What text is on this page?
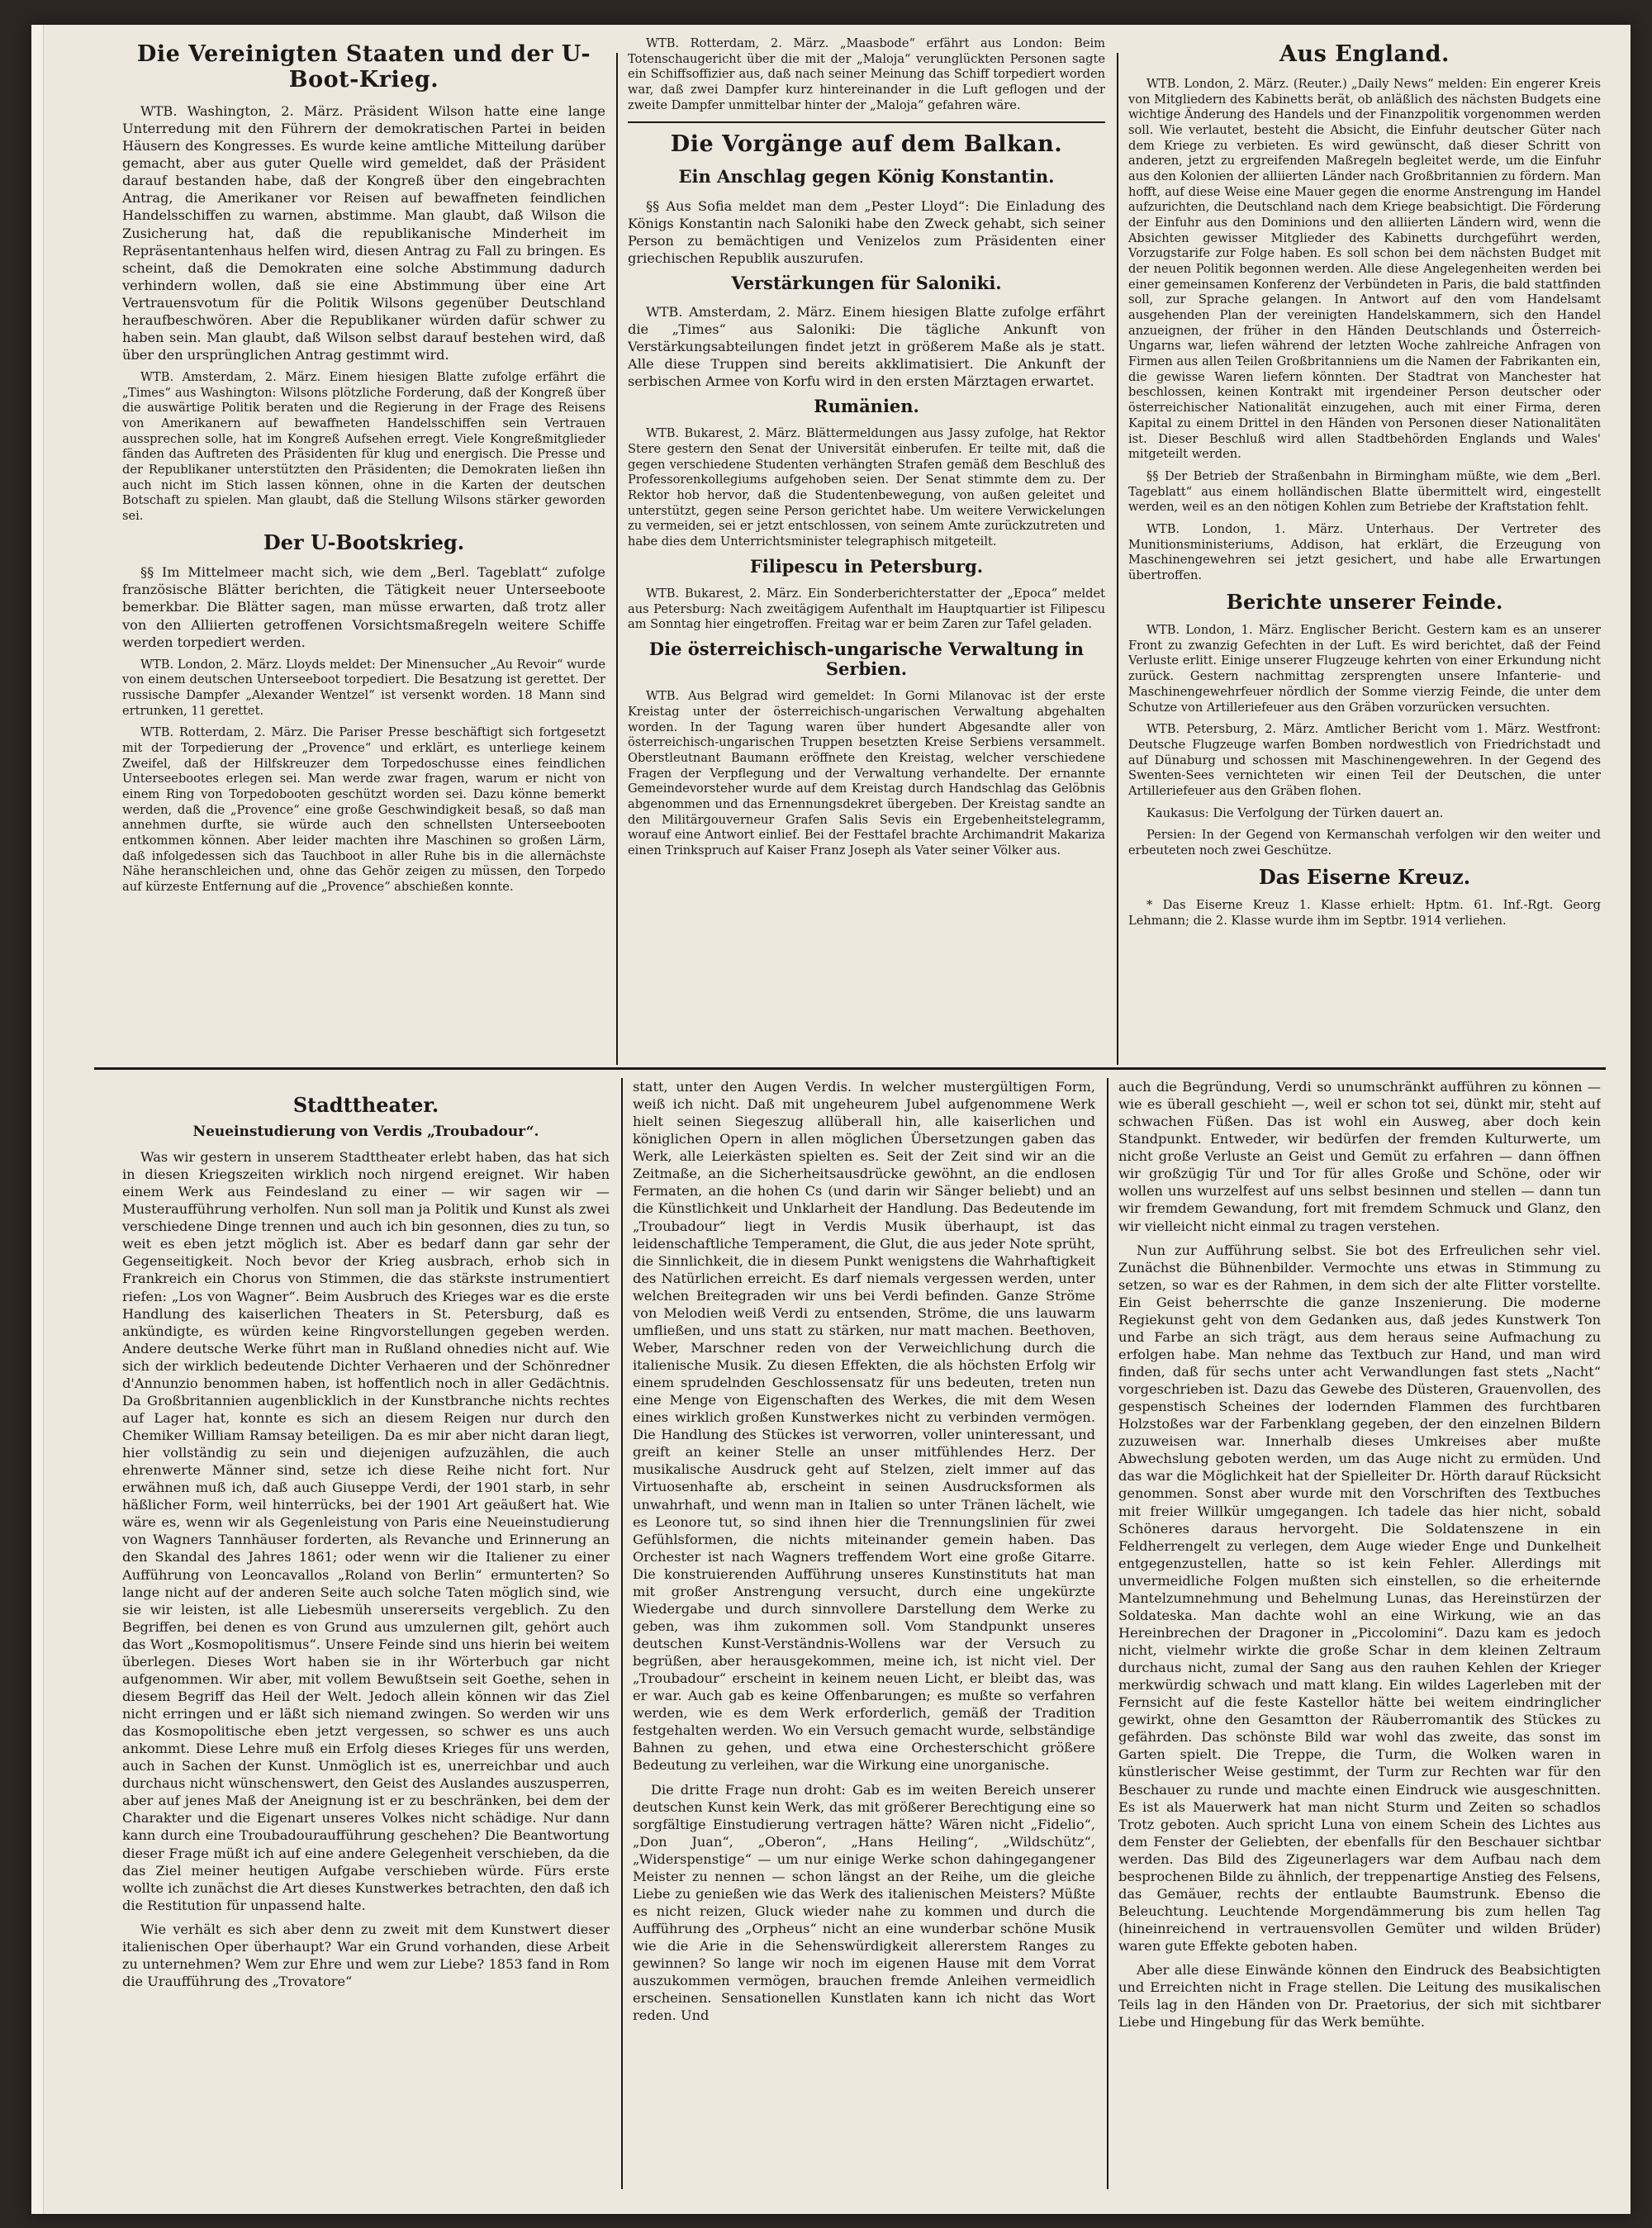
Die Vereinigten Staaten und der U-Boot-Krieg.

WTB. Washington, 2. März. Präsident Wilson hatte eine lange Unterredung mit den Führern der demokratischen Partei in beiden Häusern des Kongresses. Es wurde keine amtliche Mitteilung darüber gemacht, aber aus guter Quelle wird gemeldet, daß der Präsident darauf bestanden habe, daß der Kongreß über den eingebrachten Antrag, die Amerikaner vor Reisen auf bewaffneten feindlichen Handelsschiffen zu warnen, abstimme. Man glaubt, daß Wilson die Zusicherung hat, daß die republikanische Minderheit im Repräsentantenhaus helfen wird, diesen Antrag zu Fall zu bringen. Es scheint, daß die Demokraten eine solche Abstimmung dadurch verhindern wollen, daß sie eine Abstimmung über eine Art Vertrauensvotum für die Politik Wilsons gegenüber Deutschland heraufbeschwören. Aber die Republikaner würden dafür schwer zu haben sein. Man glaubt, daß Wilson selbst darauf bestehen wird, daß über den ursprünglichen Antrag gestimmt wird.

WTB. Amsterdam, 2. März. Einem hiesigen Blatte zufolge erfährt die „Times“ aus Washington: Wilsons plötzliche Forderung, daß der Kongreß über die auswärtige Politik beraten und die Regierung in der Frage des Reisens von Amerikanern auf bewaffneten Handelsschiffen sein Vertrauen aussprechen solle, hat im Kongreß Aufsehen erregt. Viele Kongreßmitglieder fänden das Auftreten des Präsidenten für klug und energisch. Die Presse und der Republikaner unterstützten den Präsidenten; die Demokraten ließen ihn auch nicht im Stich lassen können, ohne in die Karten der deutschen Botschaft zu spielen. Man glaubt, daß die Stellung Wilsons stärker geworden sei.

Der U-Bootskrieg.

§§ Im Mittelmeer macht sich, wie dem „Berl. Tageblatt“ zufolge französische Blätter berichten, die Tätigkeit neuer Unterseeboote bemerkbar. Die Blätter sagen, man müsse erwarten, daß trotz aller von den Alliierten getroffenen Vorsichtsmaßregeln weitere Schiffe werden torpediert werden.

WTB. London, 2. März. Lloyds meldet: Der Minensucher „Au Revoir“ wurde von einem deutschen Unterseeboot torpediert. Die Besatzung ist gerettet. Der russische Dampfer „Alexander Wentzel“ ist versenkt worden. 18 Mann sind ertrunken, 11 gerettet.

WTB. Rotterdam, 2. März. Die Pariser Presse beschäftigt sich fortgesetzt mit der Torpedierung der „Provence“ und erklärt, es unterliege keinem Zweifel, daß der Hilfskreuzer dem Torpedoschusse eines feindlichen Unterseebootes erlegen sei. Man werde zwar fragen, warum er nicht von einem Ring von Torpedobooten geschützt worden sei. Dazu könne bemerkt werden, daß die „Provence“ eine große Geschwindigkeit besaß, so daß man annehmen durfte, sie würde auch den schnellsten Unterseebooten entkommen können. Aber leider machten ihre Maschinen so großen Lärm, daß infolgedessen sich das Tauchboot in aller Ruhe bis in die allernächste Nähe heranschleichen und, ohne das Gehör zeigen zu müssen, den Torpedo auf kürzeste Entfernung auf die „Provence“ abschießen konnte.

WTB. Rotterdam, 2. März. „Maasbode“ erfährt aus London: Beim Totenschaugericht über die mit der „Maloja“ verunglückten Personen sagte ein Schiffsoffizier aus, daß nach seiner Meinung das Schiff torpediert worden war, daß zwei Dampfer kurz hintereinander in die Luft geflogen und der zweite Dampfer unmittelbar hinter der „Maloja“ gefahren wäre.

Die Vorgänge auf dem Balkan.
Ein Anschlag gegen König Konstantin.

§§ Aus Sofia meldet man dem „Pester Lloyd“: Die Einladung des Königs Konstantin nach Saloniki habe den Zweck gehabt, sich seiner Person zu bemächtigen und Venizelos zum Präsidenten einer griechischen Republik auszurufen.

Verstärkungen für Saloniki.

WTB. Amsterdam, 2. März. Einem hiesigen Blatte zufolge erfährt die „Times“ aus Saloniki: Die tägliche Ankunft von Verstärkungsabteilungen findet jetzt in größerem Maße als je statt. Alle diese Truppen sind bereits akklimatisiert. Die Ankunft der serbischen Armee von Korfu wird in den ersten Märztagen erwartet.

Rumänien.

WTB. Bukarest, 2. März. Blättermeldungen aus Jassy zufolge, hat Rektor Stere gestern den Senat der Universität einberufen. Er teilte mit, daß die gegen verschiedene Studenten verhängten Strafen gemäß dem Beschluß des Professorenkollegiums aufgehoben seien. Der Senat stimmte dem zu. Der Rektor hob hervor, daß die Studentenbewegung, von außen geleitet und unterstützt, gegen seine Person gerichtet habe. Um weitere Verwickelungen zu vermeiden, sei er jetzt entschlossen, von seinem Amte zurückzutreten und habe dies dem Unterrichtsminister telegraphisch mitgeteilt.

Filipescu in Petersburg.

WTB. Bukarest, 2. März. Ein Sonderberichterstatter der „Epoca“ meldet aus Petersburg: Nach zweitägigem Aufenthalt im Hauptquartier ist Filipescu am Sonntag hier eingetroffen. Freitag war er beim Zaren zur Tafel geladen.

Die österreichisch-ungarische Verwaltung in Serbien.

WTB. Aus Belgrad wird gemeldet: In Gorni Milanovac ist der erste Kreistag unter der österreichisch-ungarischen Verwaltung abgehalten worden. In der Tagung waren über hundert Abgesandte aller von österreichisch-ungarischen Truppen besetzten Kreise Serbiens versammelt. Oberstleutnant Baumann eröffnete den Kreistag, welcher verschiedene Fragen der Verpflegung und der Verwaltung verhandelte. Der ernannte Gemeindevorsteher wurde auf dem Kreistag durch Handschlag das Gelöbnis abgenommen und das Ernennungsdekret übergeben. Der Kreistag sandte an den Militärgouverneur Grafen Salis Sevis ein Ergebenheitstelegramm, worauf eine Antwort einlief. Bei der Festtafel brachte Archimandrit Makariza einen Trinkspruch auf Kaiser Franz Joseph als Vater seiner Völker aus.

Aus England.

WTB. London, 2. März. (Reuter.) „Daily News“ melden: Ein engerer Kreis von Mitgliedern des Kabinetts berät, ob anläßlich des nächsten Budgets eine wichtige Änderung des Handels und der Finanzpolitik vorgenommen werden soll. Wie verlautet, besteht die Absicht, die Einfuhr deutscher Güter nach dem Kriege zu verbieten. Es wird gewünscht, daß dieser Schritt von anderen, jetzt zu ergreifenden Maßregeln begleitet werde, um die Einfuhr aus den Kolonien der alliierten Länder nach Großbritannien zu fördern. Man hofft, auf diese Weise eine Mauer gegen die enorme Anstrengung im Handel aufzurichten, die Deutschland nach dem Kriege beabsichtigt. Die Förderung der Einfuhr aus den Dominions und den alliierten Ländern wird, wenn die Absichten gewisser Mitglieder des Kabinetts durchgeführt werden, Vorzugstarife zur Folge haben. Es soll schon bei dem nächsten Budget mit der neuen Politik begonnen werden. Alle diese Angelegenheiten werden bei einer gemeinsamen Konferenz der Verbündeten in Paris, die bald stattfinden soll, zur Sprache gelangen. In Antwort auf den vom Handelsamt ausgehenden Plan der vereinigten Handelskammern, sich den Handel anzueignen, der früher in den Händen Deutschlands und Österreich-Ungarns war, liefen während der letzten Woche zahlreiche Anfragen von Firmen aus allen Teilen Großbritanniens um die Namen der Fabrikanten ein, die gewisse Waren liefern könnten. Der Stadtrat von Manchester hat beschlossen, keinen Kontrakt mit irgendeiner Person deutscher oder österreichischer Nationalität einzugehen, auch mit einer Firma, deren Kapital zu einem Drittel in den Händen von Personen dieser Nationalitäten ist. Dieser Beschluß wird allen Stadtbehörden Englands und Wales' mitgeteilt werden.

§§ Der Betrieb der Straßenbahn in Birmingham müßte, wie dem „Berl. Tageblatt“ aus einem holländischen Blatte übermittelt wird, eingestellt werden, weil es an den nötigen Kohlen zum Betriebe der Kraftstation fehlt.

WTB. London, 1. März. Unterhaus. Der Vertreter des Munitionsministeriums, Addison, hat erklärt, die Erzeugung von Maschinengewehren sei jetzt gesichert, und habe alle Erwartungen übertroffen.

Berichte unserer Feinde.

WTB. London, 1. März. Englischer Bericht. Gestern kam es an unserer Front zu zwanzig Gefechten in der Luft. Es wird berichtet, daß der Feind Verluste erlitt. Einige unserer Flugzeuge kehrten von einer Erkundung nicht zurück. Gestern nachmittag zersprengten unsere Infanterie- und Maschinengewehrfeuer nördlich der Somme vierzig Feinde, die unter dem Schutze von Artilleriefeuer aus den Gräben vorzurücken versuchten.

WTB. Petersburg, 2. März. Amtlicher Bericht vom 1. März. Westfront: Deutsche Flugzeuge warfen Bomben nordwestlich von Friedrichstadt und auf Dünaburg und schossen mit Maschinengewehren. In der Gegend des Swenten-Sees vernichteten wir einen Teil der Deutschen, die unter Artilleriefeuer aus den Gräben flohen.

Kaukasus: Die Verfolgung der Türken dauert an.

Persien: In der Gegend von Kermanschah verfolgen wir den weiter und erbeuteten noch zwei Geschütze.

Das Eiserne Kreuz.

* Das Eiserne Kreuz 1. Klasse erhielt: Hptm. 61. Inf.-Rgt. Georg Lehmann; die 2. Klasse wurde ihm im Septbr. 1914 verliehen.

Stadttheater.
Neueinstudierung von Verdis „Troubadour“.

Was wir gestern in unserem Stadttheater erlebt haben, das hat sich in diesen Kriegszeiten wirklich noch nirgend ereignet. Wir haben einem Werk aus Feindesland zu einer — wir sagen wir — Musteraufführung verholfen. Nun soll man ja Politik und Kunst als zwei verschiedene Dinge trennen und auch ich bin gesonnen, dies zu tun, so weit es eben jetzt möglich ist. Aber es bedarf dann gar sehr der Gegenseitigkeit. Noch bevor der Krieg ausbrach, erhob sich in Frankreich ein Chorus von Stimmen, die das stärkste instrumentiert riefen: „Los von Wagner“. Beim Ausbruch des Krieges war es die erste Handlung des kaiserlichen Theaters in St. Petersburg, daß es ankündigte, es würden keine Ringvorstellungen gegeben werden. Andere deutsche Werke führt man in Rußland ohnedies nicht auf. Wie sich der wirklich bedeutende Dichter Verhaeren und der Schönredner d'Annunzio benommen haben, ist hoffentlich noch in aller Gedächtnis. Da Großbritannien augenblicklich in der Kunstbranche nichts rechtes auf Lager hat, konnte es sich an diesem Reigen nur durch den Chemiker William Ramsay beteiligen. Da es mir aber nicht daran liegt, hier vollständig zu sein und diejenigen aufzuzählen, die auch ehrenwerte Männer sind, setze ich diese Reihe nicht fort. Nur erwähnen muß ich, daß auch Giuseppe Verdi, der 1901 starb, in sehr häßlicher Form, weil hinterrücks, bei der 1901 Art geäußert hat. Wie wäre es, wenn wir als Gegenleistung von Paris eine Neueinstudierung von Wagners Tannhäuser forderten, als Revanche und Erinnerung an den Skandal des Jahres 1861; oder wenn wir die Italiener zu einer Aufführung von Leoncavallos „Roland von Berlin“ ermunterten? So lange nicht auf der anderen Seite auch solche Taten möglich sind, wie sie wir leisten, ist alle Liebesmüh unsererseits vergeblich. Zu den Begriffen, bei denen es von Grund aus umzulernen gilt, gehört auch das Wort „Kosmopolitismus“. Unsere Feinde sind uns hierin bei weitem überlegen. Dieses Wort haben sie in ihr Wörterbuch gar nicht aufgenommen. Wir aber, mit vollem Bewußtsein seit Goethe, sehen in diesem Begriff das Heil der Welt. Jedoch allein können wir das Ziel nicht erringen und er läßt sich niemand zwingen. So werden wir uns das Kosmopolitische eben jetzt vergessen, so schwer es uns auch ankommt. Diese Lehre muß ein Erfolg dieses Krieges für uns werden, auch in Sachen der Kunst. Unmöglich ist es, unerreichbar und auch durchaus nicht wünschenswert, den Geist des Auslandes auszusperren, aber auf jenes Maß der Aneignung ist er zu beschränken, bei dem der Charakter und die Eigenart unseres Volkes nicht schädige. Nur dann kann durch eine Troubadouraufführung geschehen? Die Beantwortung dieser Frage müßt ich auf eine andere Gelegenheit verschieben, da die das Ziel meiner heutigen Aufgabe verschieben würde. Fürs erste wollte ich zunächst die Art dieses Kunstwerkes betrachten, den daß ich die Restitution für unpassend halte.

Wie verhält es sich aber denn zu zweit mit dem Kunstwert dieser italienischen Oper überhaupt? War ein Grund vorhanden, diese Arbeit zu unternehmen? Wem zur Ehre und wem zur Liebe? 1853 fand in Rom die Uraufführung des „Trovatore“

statt, unter den Augen Verdis. In welcher mustergültigen Form, weiß ich nicht. Daß mit ungeheurem Jubel aufgenommene Werk hielt seinen Siegeszug allüberall hin, alle kaiserlichen und königlichen Opern in allen möglichen Übersetzungen gaben das Werk, alle Leierkästen spielten es. Seit der Zeit sind wir an die Zeitmaße, an die Sicherheitsausdrücke gewöhnt, an die endlosen Fermaten, an die hohen Cs (und darin wir Sänger beliebt) und an die Künstlichkeit und Unklarheit der Handlung. Das Bedeutende im „Troubadour“ liegt in Verdis Musik überhaupt, ist das leidenschaftliche Temperament, die Glut, die aus jeder Note sprüht, die Sinnlichkeit, die in diesem Punkt wenigstens die Wahrhaftigkeit des Natürlichen erreicht. Es darf niemals vergessen werden, unter welchen Breitegraden wir uns bei Verdi befinden. Ganze Ströme von Melodien weiß Verdi zu entsenden, Ströme, die uns lauwarm umfließen, und uns statt zu stärken, nur matt machen. Beethoven, Weber, Marschner reden von der Verweichlichung durch die italienische Musik. Zu diesen Effekten, die als höchsten Erfolg wir einem sprudelnden Geschlossensatz für uns bedeuten, treten nun eine Menge von Eigenschaften des Werkes, die mit dem Wesen eines wirklich großen Kunstwerkes nicht zu verbinden vermögen. Die Handlung des Stückes ist verworren, voller uninteressant, und greift an keiner Stelle an unser mitfühlendes Herz. Der musikalische Ausdruck geht auf Stelzen, zielt immer auf das Virtuosenhafte ab, erscheint in seinen Ausdrucksformen als unwahrhaft, und wenn man in Italien so unter Tränen lächelt, wie es Leonore tut, so sind ihnen hier die Trennungslinien für zwei Gefühlsformen, die nichts miteinander gemein haben. Das Orchester ist nach Wagners treffendem Wort eine große Gitarre. Die konstruierenden Aufführung unseres Kunstinstituts hat man mit großer Anstrengung versucht, durch eine ungekürzte Wiedergabe und durch sinnvollere Darstellung dem Werke zu geben, was ihm zukommen soll. Vom Standpunkt unseres deutschen Kunst-Verständnis-Wollens war der Versuch zu begrüßen, aber herausgekommen, meine ich, ist nicht viel. Der „Troubadour“ erscheint in keinem neuen Licht, er bleibt das, was er war. Auch gab es keine Offenbarungen; es mußte so verfahren werden, wie es dem Werk erforderlich, gemäß der Tradition festgehalten werden. Wo ein Versuch gemacht wurde, selbständige Bahnen zu gehen, und etwa eine Orchesterschicht größere Bedeutung zu verleihen, war die Wirkung eine unorganische.

Die dritte Frage nun droht: Gab es im weiten Bereich unserer deutschen Kunst kein Werk, das mit größerer Berechtigung eine so sorgfältige Einstudierung vertragen hätte? Wären nicht „Fidelio“, „Don Juan“, „Oberon“, „Hans Heiling“, „Wildschütz“, „Widerspenstige“ — um nur einige Werke schon dahingegangener Meister zu nennen — schon längst an der Reihe, um die gleiche Liebe zu genießen wie das Werk des italienischen Meisters? Müßte es nicht reizen, Gluck wieder nahe zu kommen und durch die Aufführung des „Orpheus“ nicht an eine wunderbar schöne Musik wie die Arie in die Sehenswürdigkeit allererstem Ranges zu gewinnen? So lange wir noch im eigenen Hause mit dem Vorrat auszukommen vermögen, brauchen fremde Anleihen vermeidlich erscheinen. Sensationellen Kunstlaten kann ich nicht das Wort reden. Und

auch die Begründung, Verdi so unumschränkt aufführen zu können — wie es überall geschieht —, weil er schon tot sei, dünkt mir, steht auf schwachen Füßen. Das ist wohl ein Ausweg, aber doch kein Standpunkt. Entweder, wir bedürfen der fremden Kulturwerte, um nicht große Verluste an Geist und Gemüt zu erfahren — dann öffnen wir großzügig Tür und Tor für alles Große und Schöne, oder wir wollen uns wurzelfest auf uns selbst besinnen und stellen — dann tun wir fremdem Gewandung, fort mit fremdem Schmuck und Glanz, den wir vielleicht nicht einmal zu tragen verstehen.

Nun zur Aufführung selbst. Sie bot des Erfreulichen sehr viel. Zunächst die Bühnenbilder. Vermochte uns etwas in Stimmung zu setzen, so war es der Rahmen, in dem sich der alte Flitter vorstellte. Ein Geist beherrschte die ganze Inszenierung. Die moderne Regiekunst geht von dem Gedanken aus, daß jedes Kunstwerk Ton und Farbe an sich trägt, aus dem heraus seine Aufmachung zu erfolgen habe. Man nehme das Textbuch zur Hand, und man wird finden, daß für sechs unter acht Verwandlungen fast stets „Nacht“ vorgeschrieben ist. Dazu das Gewebe des Düsteren, Grauenvollen, des gespenstisch Scheines der lodernden Flammen des furchtbaren Holzstoßes war der Farbenklang gegeben, der den einzelnen Bildern zuzuweisen war. Innerhalb dieses Umkreises aber mußte Abwechslung geboten werden, um das Auge nicht zu ermüden. Und das war die Möglichkeit hat der Spielleiter Dr. Hörth darauf Rücksicht genommen. Sonst aber wurde mit den Vorschriften des Textbuches mit freier Willkür umgegangen. Ich tadele das hier nicht, sobald Schöneres daraus hervorgeht. Die Soldatenszene in ein Feldherrengelt zu verlegen, dem Auge wieder Enge und Dunkelheit entgegenzustellen, hatte so ist kein Fehler. Allerdings mit unvermeidliche Folgen mußten sich einstellen, so die erheiternde Mantelzumnehmung und Behelmung Lunas, das Hereinstürzen der Soldateska. Man dachte wohl an eine Wirkung, wie an das Hereinbrechen der Dragoner in „Piccolomini“. Dazu kam es jedoch nicht, vielmehr wirkte die große Schar in dem kleinen Zeltraum durchaus nicht, zumal der Sang aus den rauhen Kehlen der Krieger merkwürdig schwach und matt klang. Ein wildes Lagerleben mit der Fernsicht auf die feste Kastellor hätte bei weitem eindringlicher gewirkt, ohne den Gesamtton der Räuberromantik des Stückes zu gefährden. Das schönste Bild war wohl das zweite, das sonst im Garten spielt. Die Treppe, die Turm, die Wolken waren in künstlerischer Weise gestimmt, der Turm zur Rechten war für den Beschauer zu runde und machte einen Eindruck wie ausgeschnitten. Es ist als Mauerwerk hat man nicht Sturm und Zeiten so schadlos Trotz geboten. Auch spricht Luna von einem Schein des Lichtes aus dem Fenster der Geliebten, der ebenfalls für den Beschauer sichtbar werden. Das Bild des Zigeunerlagers war dem Aufbau nach dem besprochenen Bilde zu ähnlich, der treppenartige Anstieg des Felsens, das Gemäuer, rechts der entlaubte Baumstrunk. Ebenso die Beleuchtung. Leuchtende Morgendämmerung bis zum hellen Tag (hineinreichend in vertrauensvollen Gemüter und wilden Brüder) waren gute Effekte geboten haben.

Aber alle diese Einwände können den Eindruck des Beabsichtigten und Erreichten nicht in Frage stellen. Die Leitung des musikalischen Teils lag in den Händen von Dr. Praetorius, der sich mit sichtbarer Liebe und Hingebung für das Werk bemühte.
